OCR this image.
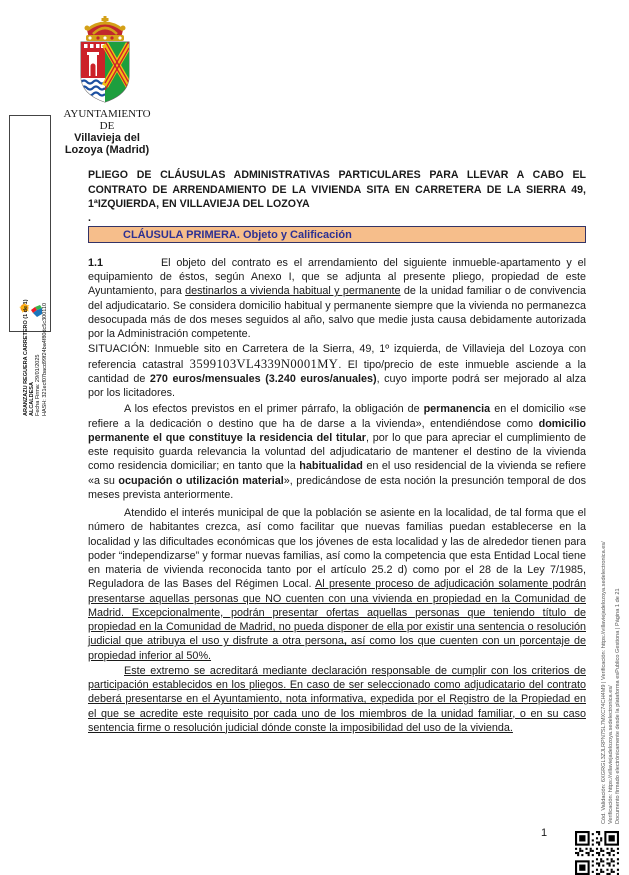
ARANZAZU REGUERA CARRETERO (1 de 1) ALCALDESA Fecha Firma: 29/01/2025 HASH: 321ecf07bacd99f24ba4f80dc5c300110
AYUNTAMIENTO
DE
Villavieja del
Lozoya (Madrid)
PLIEGO DE CLÁUSULAS ADMINISTRATIVAS PARTICULARES PARA LLEVAR A CABO EL CONTRATO DE ARRENDAMIENTO DE LA VIVIENDA SITA EN CARRETERA DE LA SIERRA 49, 1ªIZQUIERDA, EN VILLAVIEJA DEL LOZOYA
.
CLÁUSULA PRIMERA. Objeto y Calificación
1.1          El objeto del contrato es el arrendamiento del siguiente inmueble-apartamento y el equipamiento de éstos, según Anexo I, que se adjunta al presente pliego, propiedad de este Ayuntamiento, para destinarlos a vivienda habitual y permanente de la unidad familiar o de convivencia del adjudicatario. Se considera domicilio habitual y permanente siempre que la vivienda no permanezca desocupada más de dos meses seguidos al año, salvo que medie justa causa debidamente autorizada por la Administración competente.
SITUACIÓN: Inmueble sito en Carretera de la Sierra, 49, 1º izquierda, de Villavieja del Lozoya con referencia catastral 3599103VL4339N0001MY. El tipo/precio de este inmueble asciende a la cantidad de 270 euros/mensuales (3.240 euros/anuales), cuyo importe podrá ser mejorado al alza por los licitadores.
A los efectos previstos en el primer párrafo, la obligación de permanencia en el domicilio «se refiere a la dedicación o destino que ha de darse a la vivienda», entendiéndose como domicilio permanente el que constituye la residencia del titular, por lo que para apreciar el cumplimiento de este requisito guarda relevancia la voluntad del adjudicatario de mantener el destino de la vivienda como residencia domiciliar; en tanto que la habitualidad en el uso residencial de la vivienda se refiere «a su ocupación o utilización material», predicándose de esta noción la presunción temporal de dos meses prevista anteriormente.
Atendido el interés municipal de que la población se asiente en la localidad, de tal forma que el número de habitantes crezca, así como facilitar que nuevas familias puedan establecerse en la localidad y las dificultades económicas que los jóvenes de esta localidad y las de alrededor tienen para poder “independizarse” y formar nuevas familias, así como la competencia que esta Entidad Local tiene en materia de vivienda reconocida tanto por el artículo 25.2 d) como por el 28 de la Ley 7/1985, Reguladora de las Bases del Régimen Local. Al presente proceso de adjudicación solamente podrán presentarse aquellas personas que NO cuenten con una vivienda en propiedad en la Comunidad de Madrid. Excepcionalmente, podrán presentar ofertas aquellas personas que teniendo título de propiedad en la Comunidad de Madrid, no pueda disponer de ella por existir una sentencia o resolución judicial que atribuya el uso y disfrute a otra persona, así como los que cuenten con un porcentaje de propiedad inferior al 50%.
Este extremo se acreditará mediante declaración responsable de cumplir con los criterios de participación establecidos en los pliegos. En caso de ser seleccionado como adjudicatario del contrato deberá presentarse en el Ayuntamiento, nota informativa, expedida por el Registro de la Propiedad en el que se acredite este requisito por cada uno de los miembros de la unidad familiar, o en su caso sentencia firme o resolución judicial dónde conste la imposibilidad del uso de la vivienda.
1
Cód. Validación: 6XGRGL3ZJLRPN7SL7MXC74CH4M9 | Verificación: https://villaviejadelozoya.sedelectronica.es/ Verificación: https://villaviejadelozoya.sedelectronica.es/ Documento firmado electrónicamente desde la plataforma esPublico Gestiona | Página 1 de 21
